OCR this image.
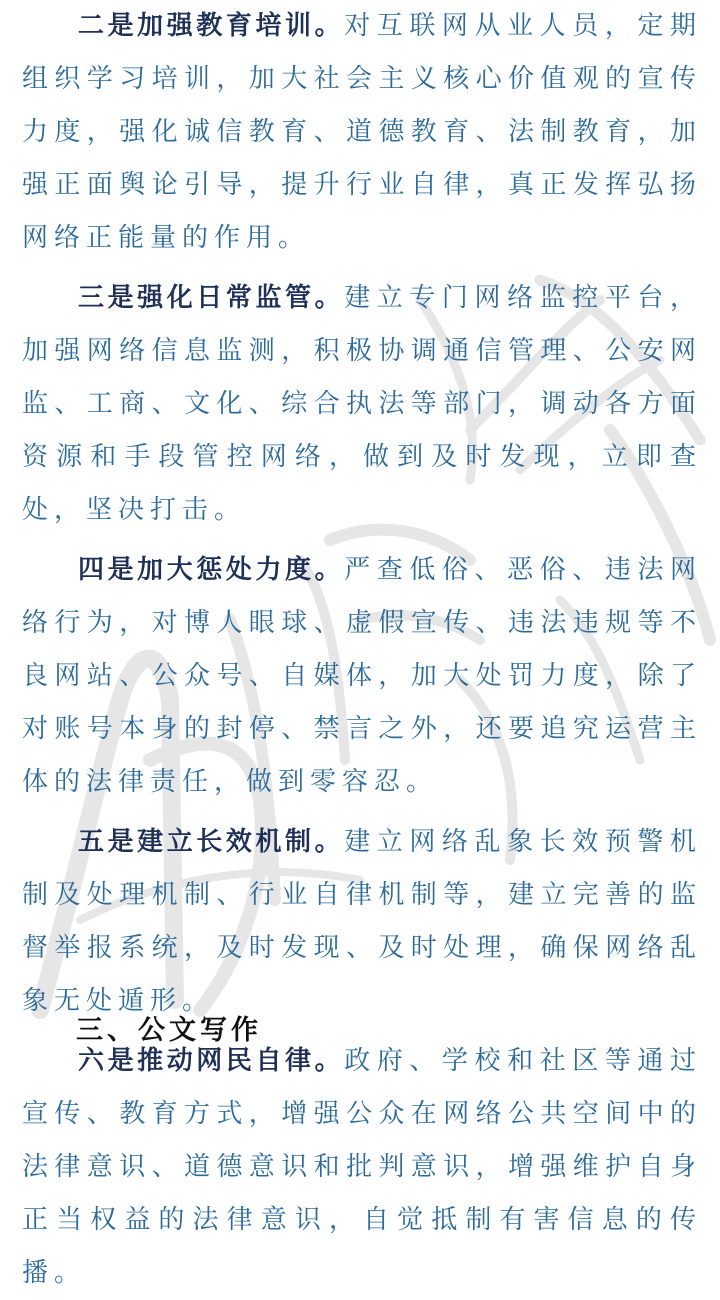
二是加强教育培训。对互联网从业人员，定期组织学习培训，加大社会主义核心价值观的宣传力度，强化诚信教育、道德教育、法制教育，加强正面舆论引导，提升行业自律，真正发挥弘扬网络正能量的作用。

三是强化日常监管。建立专门网络监控平台，加强网络信息监测，积极协调通信管理、公安网监、工商、文化、综合执法等部门，调动各方面资源和手段管控网络，做到及时发现，立即查处，坚决打击。

四是加大惩处力度。严查低俗、恶俗、违法网络行为，对博人眼球、虚假宣传、违法违规等不良网站、公众号、自媒体，加大处罚力度，除了对账号本身的封停、禁言之外，还要追究运营主体的法律责任，做到零容忍。

五是建立长效机制。建立网络乱象长效预警机制及处理机制、行业自律机制等，建立完善的监督举报系统，及时发现、及时处理，确保网络乱象无处遁形。

六是推动网民自律。政府、学校和社区等通过宣传、教育方式，增强公众在网络公共空间中的法律意识、道德意识和批判意识，增强维护自身正当权益的法律意识，自觉抵制有害信息的传播。

三、公文写作
